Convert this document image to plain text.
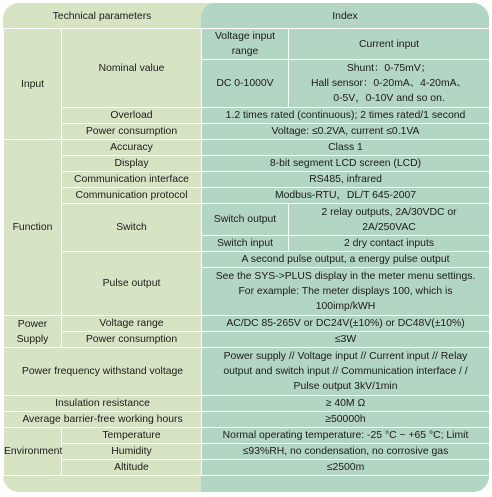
Technical parameters	Index
Input	Nominal value	Voltage input range	Current input
		DC 0-1000V	Shunt：0-75mV；
Hall sensor：0-20mA、4-20mA、
0-5V，0-10V and so on.

	Overload	1.2 times rated (continuous); 2 times rated/1 second	
	Power consumption	Voltage: ≤0.2VA, current ≤0.1VA	
Function	Accuracy	Class 1	
	Display	8-bit segment LCD screen (LCD)	
	Communication interface	RS485, infrared	
	Communication protocol	Modbus-RTU，DL/T 645-2007	
	Switch	Switch output	2 relay outputs, 2A/30VDC or
2A/250VAC

		Switch input	2 dry contact inputs
	Pulse output	A second pulse output, a energy pulse output	

		See the SYS->PLUS display in the meter menu settings.
For example: The meter displays 100, which is
100imp/kWH	

Power Supply	Voltage range	AC/DC 85-265V or DC24V(±10%) or DC48V(±10%)	
	Power consumption	≤3W	
Power frequency withstand voltage		Power supply // Voltage input // Current input // Relay
output and switch input // Communication interface / /
Pulse output 3kV/1min	

Insulation resistance		≥ 40M Ω	
Average barrier-free working hours		≥50000h	
Environment	Temperature	Normal operating temperature: -25 °C ~ +65 °C; Limit	
	Humidity	≤93%RH, no condensation, no corrosive gas	
	Altitude	≤2500m	
